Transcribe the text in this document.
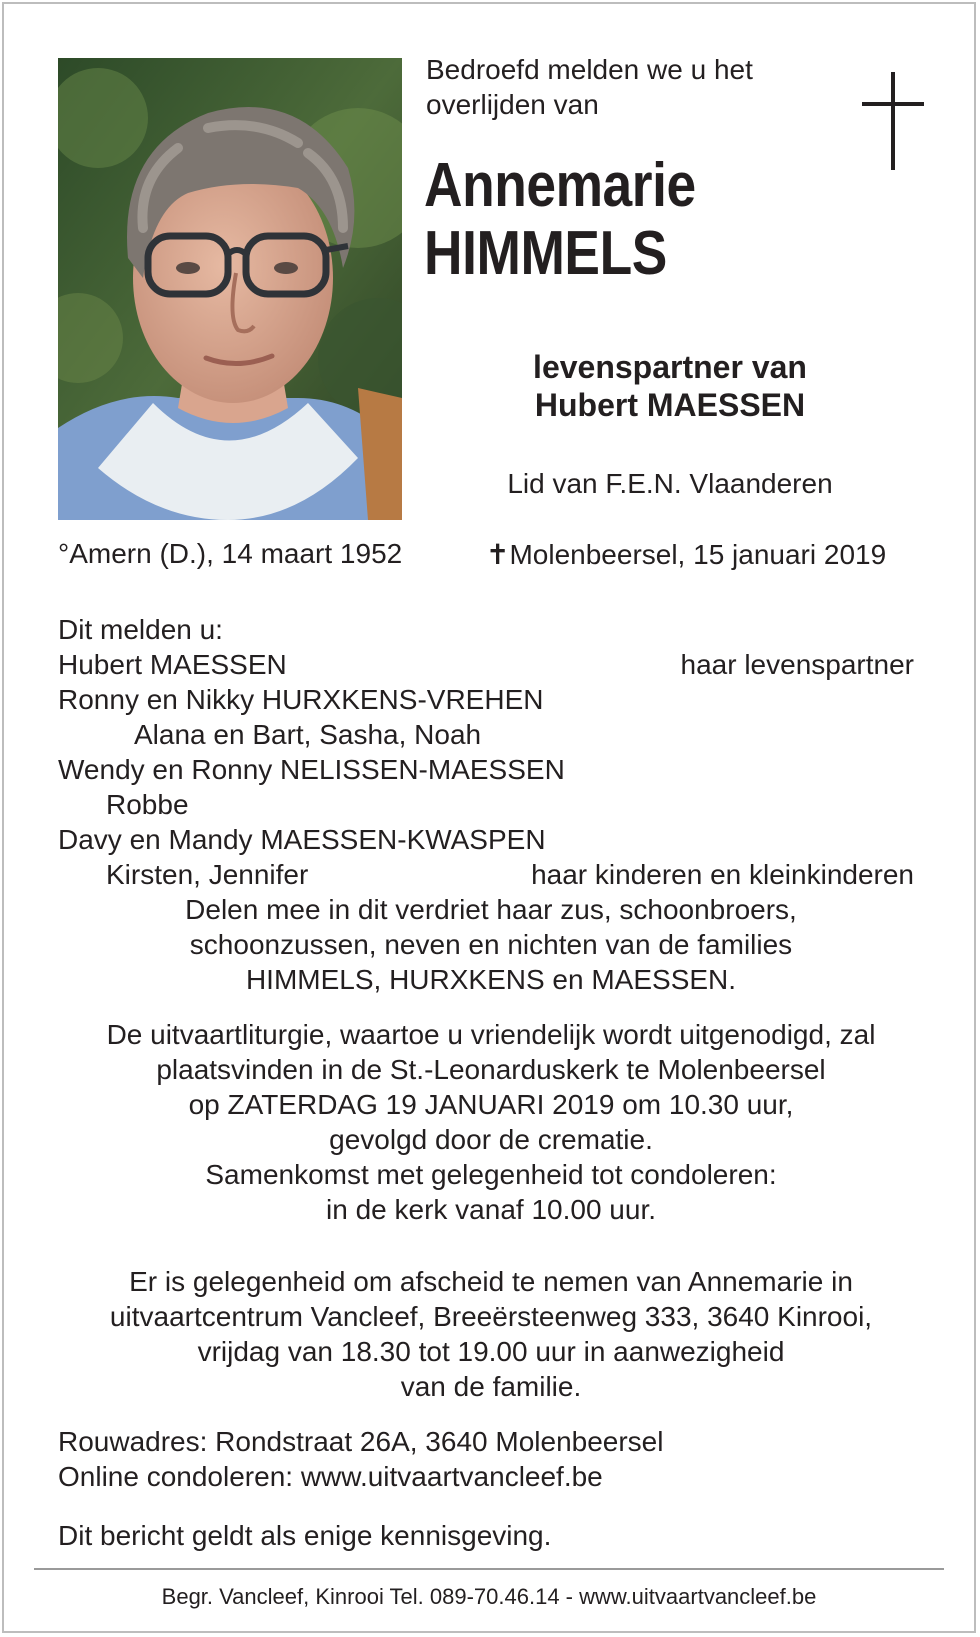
Bedroefd melden we u het
overlijden van
Annemarie
HIMMELS
levenspartner van
Hubert MAESSEN
Lid van F.E.N. Vlaanderen
°Amern (D.), 14 maart 1952	✝Molenbeersel, 15 januari 2019
Dit melden u:
Hubert MAESSEN	haar levenspartner
Ronny en Nikky HURXKENS-VREHEN
Alana en Bart, Sasha, Noah
Wendy en Ronny NELISSEN-MAESSEN
Robbe
Davy en Mandy MAESSEN-KWASPEN
Kirsten, Jennifer	haar kinderen en kleinkinderen
Delen mee in dit verdriet haar zus, schoonbroers,
schoonzussen, neven en nichten van de families
HIMMELS, HURXKENS en MAESSEN.
De uitvaartliturgie, waartoe u vriendelijk wordt uitgenodigd, zal
plaatsvinden in de St.-Leonarduskerk te Molenbeersel
op ZATERDAG 19 JANUARI 2019 om 10.30 uur,
gevolgd door de crematie.
Samenkomst met gelegenheid tot condoleren:
in de kerk vanaf 10.00 uur.
Er is gelegenheid om afscheid te nemen van Annemarie in
uitvaartcentrum Vancleef, Breeërsteenweg 333, 3640 Kinrooi,
vrijdag van 18.30 tot 19.00 uur in aanwezigheid
van de familie.
Rouwadres: Rondstraat 26A, 3640 Molenbeersel
Online condoleren: www.uitvaartvancleef.be
Dit bericht geldt als enige kennisgeving.
Begr. Vancleef, Kinrooi Tel. 089-70.46.14 - www.uitvaartvancleef.be
